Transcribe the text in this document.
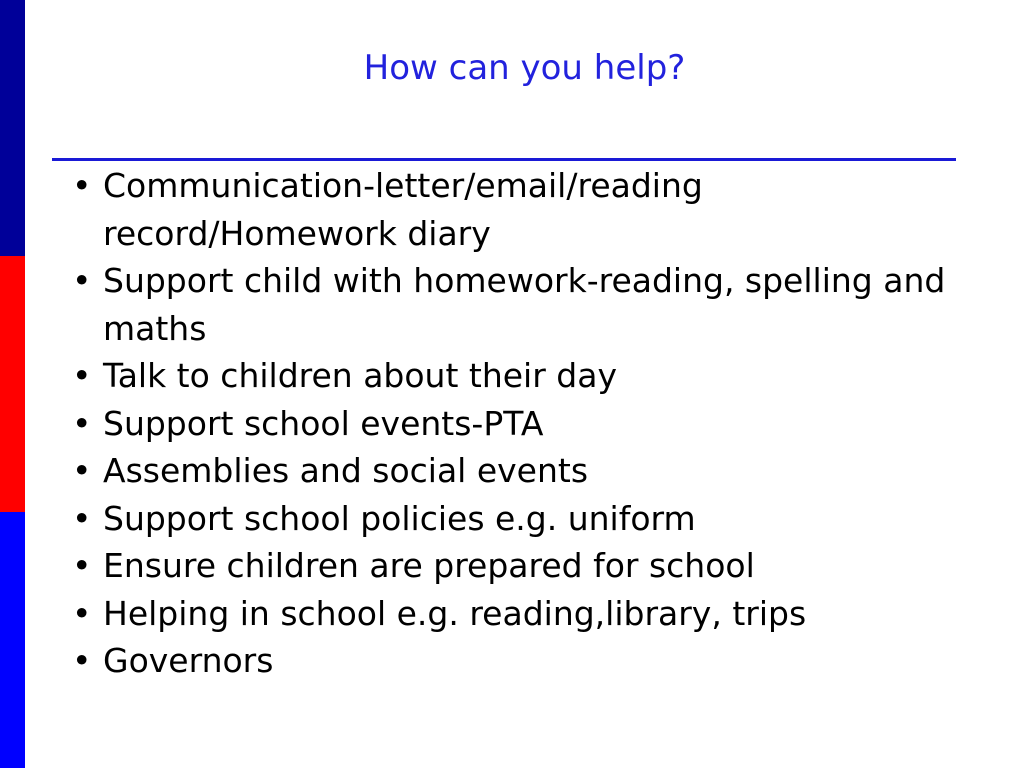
How can you help?
• Communication-letter/email/reading record/Homework diary
• Support child with homework-reading, spelling and maths
• Talk to children about their day
• Support school events-PTA
• Assemblies and social events
• Support school policies e.g. uniform
• Ensure children are prepared for school
• Helping in school e.g. reading,library, trips
• Governors
